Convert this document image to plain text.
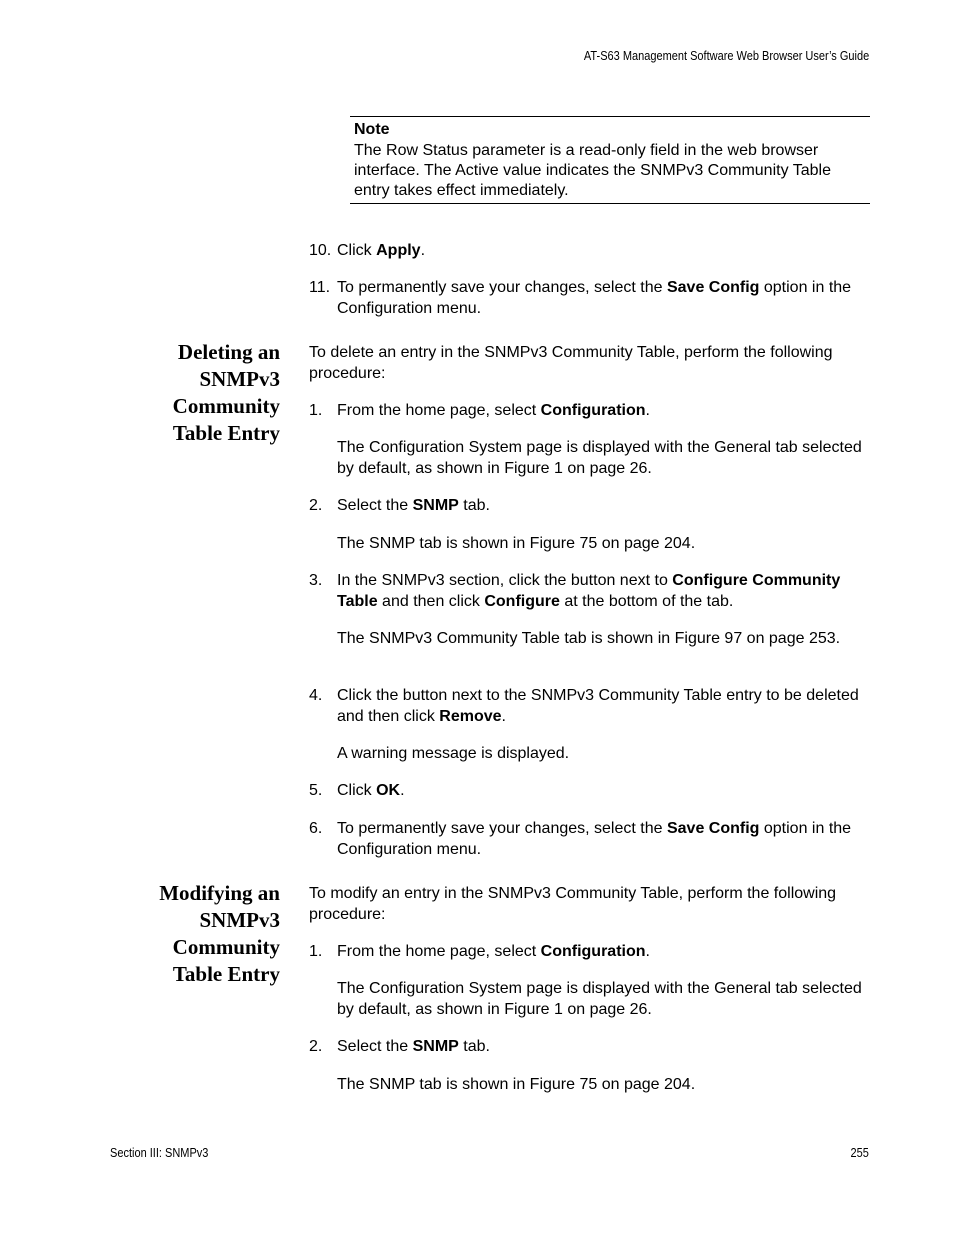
AT-S63 Management Software Web Browser User’s Guide
Note
The Row Status parameter is a read-only field in the web browser interface. The Active value indicates the SNMPv3 Community Table entry takes effect immediately.
10. Click Apply.
11. To permanently save your changes, select the Save Config option in the Configuration menu.
Deleting an
SNMPv3
Community
Table Entry
To delete an entry in the SNMPv3 Community Table, perform the following procedure:
1. From the home page, select Configuration.
The Configuration System page is displayed with the General tab selected by default, as shown in Figure 1 on page 26.
2. Select the SNMP tab.
The SNMP tab is shown in Figure 75 on page 204.
3. In the SNMPv3 section, click the button next to Configure Community Table and then click Configure at the bottom of the tab.
The SNMPv3 Community Table tab is shown in Figure 97 on page 253.
4. Click the button next to the SNMPv3 Community Table entry to be deleted and then click Remove.
A warning message is displayed.
5. Click OK.
6. To permanently save your changes, select the Save Config option in the Configuration menu.
Modifying an
SNMPv3
Community
Table Entry
To modify an entry in the SNMPv3 Community Table, perform the following procedure:
1. From the home page, select Configuration.
The Configuration System page is displayed with the General tab selected by default, as shown in Figure 1 on page 26.
2. Select the SNMP tab.
The SNMP tab is shown in Figure 75 on page 204.
Section III: SNMPv3	255
